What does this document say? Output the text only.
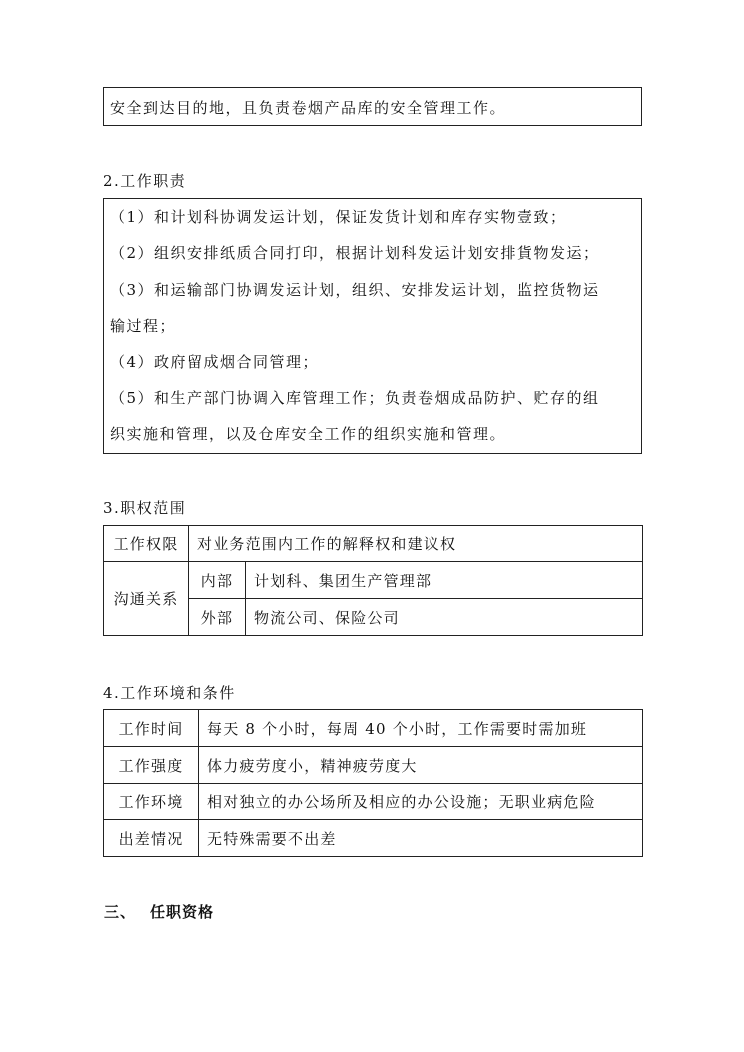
安全到达目的地，且负责卷烟产品库的安全管理工作。
2.工作职责
（1）和计划科协调发运计划，保证发货计划和库存实物壹致；
（2）组织安排纸质合同打印，根据计划科发运计划安排貨物发运；
（3）和运输部门协调发运计划，组织、安排发运计划，监控货物运
输过程；
（4）政府留成烟合同管理；
（5）和生产部门协调入库管理工作；负责卷烟成品防护、贮存的组
织实施和管理，以及仓库安全工作的组织实施和管理。
3.职权范围
工作权限	对业务范围内工作的解释权和建议权	
沟通关系	内部	计划科、集团生产管理部
	外部	物流公司、保险公司
4.工作环境和条件
工作时间	每天 8 个小时，每周 40 个小时，工作需要时需加班
工作强度	体力疲劳度小，精神疲劳度大
工作环境	相对独立的办公场所及相应的办公设施；无职业病危险
出差情况	无特殊需要不出差
三、 任职资格
